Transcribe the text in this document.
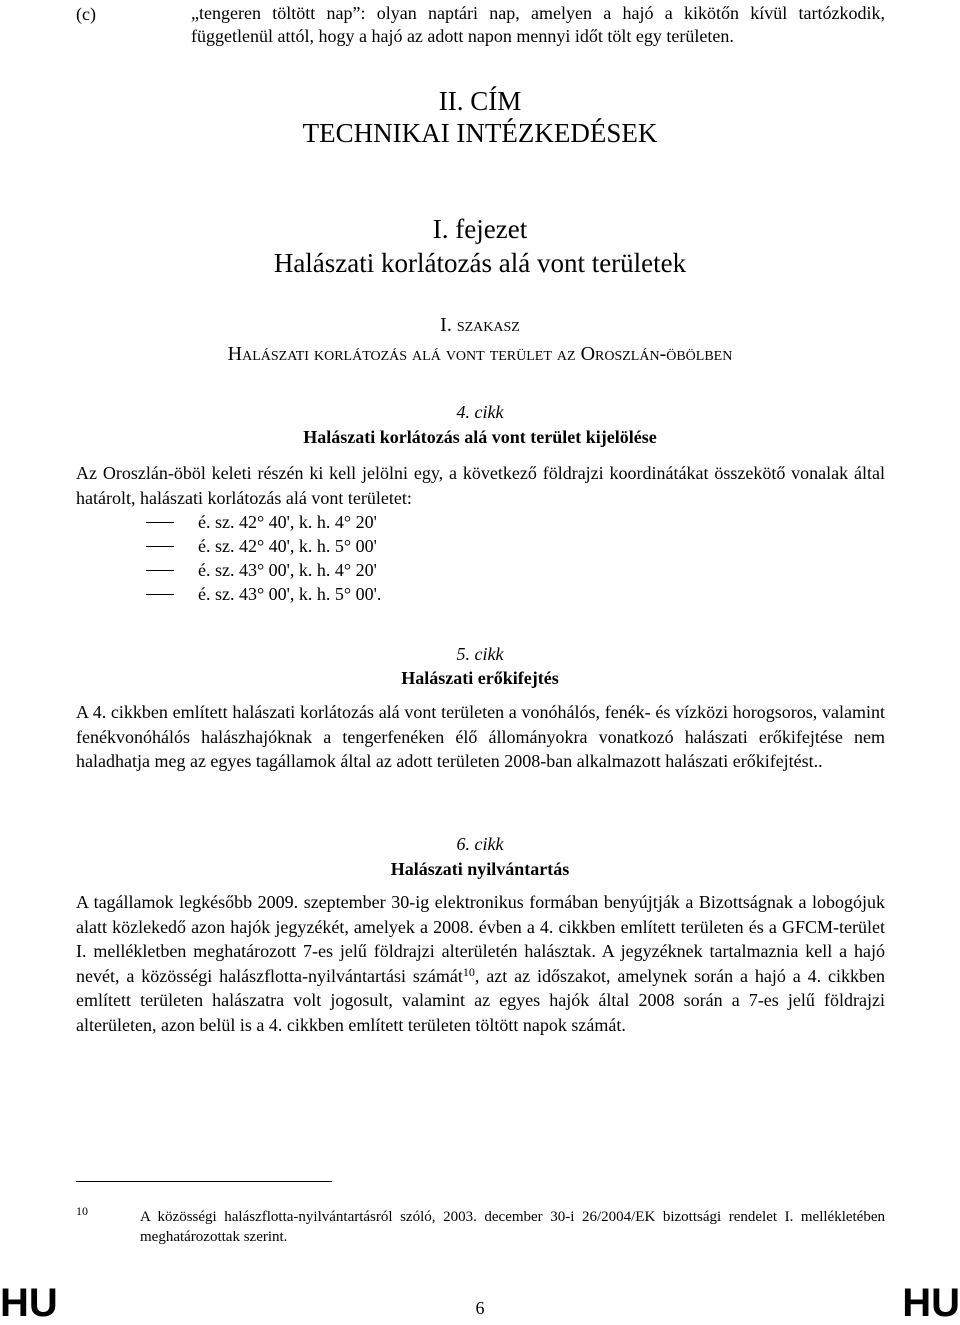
(c)	„tengeren töltött nap”: olyan naptári nap, amelyen a hajó a kikötőn kívül tartózkodik, függetlenül attól, hogy a hajó az adott napon mennyi időt tölt egy területen.
II. CÍM
TECHNIKAI INTÉZKEDÉSEK
I. fejezet
Halászati korlátozás alá vont területek
I. szakasz
Halászati korlátozás alá vont terület az Oroszlán-öbölben
4. cikk
Halászati korlátozás alá vont terület kijelölése
Az Oroszlán-öböl keleti részén ki kell jelölni egy, a következő földrajzi koordinátákat összekötő vonalak által határolt, halászati korlátozás alá vont területet:
é. sz. 42° 40', k. h. 4° 20'
é. sz. 42° 40', k. h. 5° 00'
é. sz. 43° 00', k. h. 4° 20'
é. sz. 43° 00', k. h. 5° 00'.
5. cikk
Halászati erőkifejtés
A 4. cikkben említett halászati korlátozás alá vont területen a vonóhálós, fenék- és vízközi horogsoros, valamint fenékvonóhálós halászhajóknak a tengerfenéken élő állományokra vonatkozó halászati erőkifejtése nem haladhatja meg az egyes tagállamok által az adott területen 2008-ban alkalmazott halászati erőkifejtést..
6. cikk
Halászati nyilvántartás
A tagállamok legkésőbb 2009. szeptember 30-ig elektronikus formában benyújtják a Bizottságnak a lobogójuk alatt közlekedő azon hajók jegyzékét, amelyek a 2008. évben a 4. cikkben említett területen és a GFCM-terület I. mellékletben meghatározott 7-es jelű földrajzi alterületén halásztak. A jegyzéknek tartalmaznia kell a hajó nevét, a közösségi halászflotta-nyilvántartási számát$^{10}$, azt az időszakot, amelynek során a hajó a 4. cikkben említett területen halászatra volt jogosult, valamint az egyes hajók által 2008 során a 7-es jelű földrajzi alterületen, azon belül is a 4. cikkben említett területen töltött napok számát.
10	A közösségi halászflotta-nyilvántartásról szóló, 2003. december 30-i 26/2004/EK bizottsági rendelet I. mellékletében meghatározottak szerint.
HU	6	HU
